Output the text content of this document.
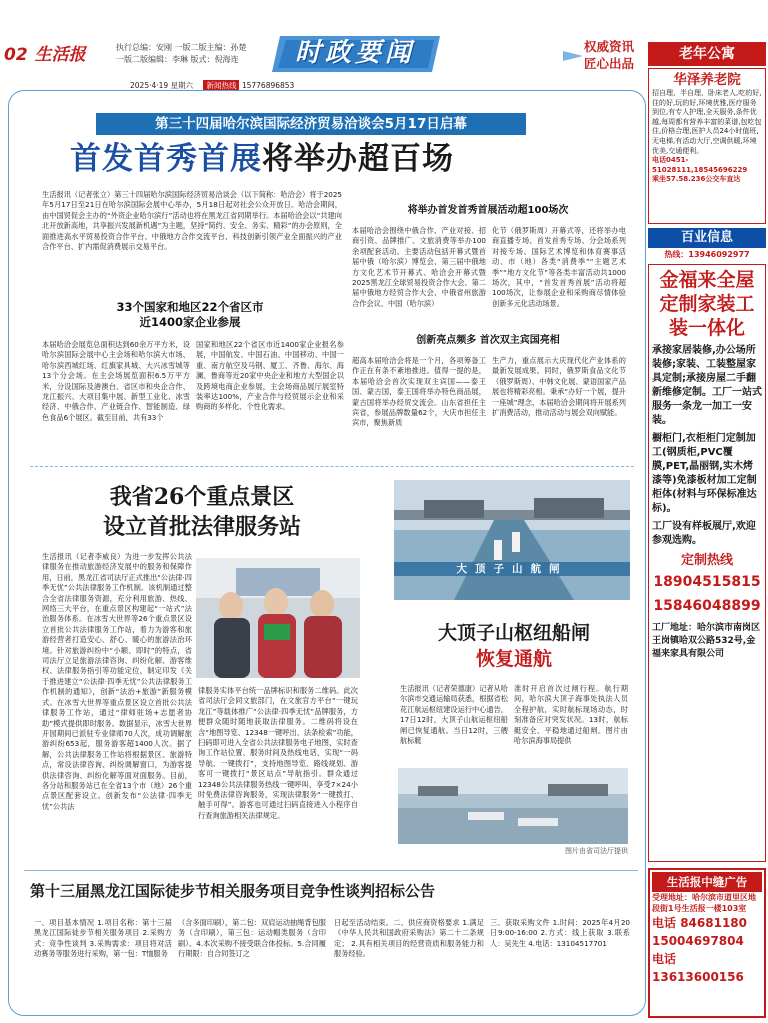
02 生活报	执行总编：安刚 一版二版主编：孙楚
一版二版编辑：李琳 版式：倪海连	时政要闻	权威资讯
匠心出品
2025·4·19 星期六 新闻热线 15776896853
第三十四届哈尔滨国际经济贸易洽谈会5月17日启幕
首发首秀首展将举办超百场
生活报讯（记者张立）第三十四届哈尔滨国际经济贸易洽谈会（以下简称：哈洽会）将于2025年5月17日至21日在哈尔滨国际会展中心举办，5月18日起对社会公众开放日。哈洽会期间，由中国贸促会主办的“外资企业哈尔滨行”活动也将在黑龙江省同期举行。本届哈洽会以“共建向北开放新高地，共享振兴发展新机遇”为主题，坚持“简约、安全、务实、精彩”的办会原则，全面推进高水平贸易投资合作平台、中俄地方合作交流平台、科技创新引领产业全面振兴的产业合作平台、扩内需促消费展示交易平台。
33个国家和地区22个省区市
近1400家企业参展
本届哈洽会展览总面积达到60余万平方米，设哈尔滨国际会展中心主会场和哈尔滨大市场、哈尔滨西城红场、红旗家具城、大兴冰雪城等13个分会场。在主会场展览面积6.5万平方米，分设国际及港澳台、省区市和央企合作、龙江振兴、大项目集中展、新型工业化、冰雪经济、中俄合作、产业链合作、智能制造、绿色食品6个展区。截至目前，共有33个
国家和地区22个省区市近1400家企业报名参展，中国航发、中国石油、中国移动、中国一重、南方航空及马钢、厦工、齐鲁、海尔、海澜、鲁商等近20家中央企业和地方大型国企以及跨境电商企业参展，主会场商品展厅展室特装率达100%，产业合作与经贸展示企业和采购商的多样化、个性化需求。
将举办首发首秀首展活动超100场次
本届哈洽会围绕中俄合作、产业对接、招商引资、品牌推广、文旅消费等举办100余项配套活动。主要活动包括开幕式暨首届中俄（哈尔滨）博览会、第三届中俄地方文化艺术节开幕式、哈洽会开幕式暨2025黑龙江全球贸易投资合作大会、第二届中俄地方经贸合作大会、中俄省州旅游合作会议、中国（哈尔滨）
化节（俄罗斯周）开幕式等，还将举办电商直播专场、首发首秀专场、分会场系列对接专场、国际艺术博览和体育赛事活动、市（地）各类“消费季”“主题艺术季”“地方文化节”等各类丰富活动共1000场次，其中，“首发首秀首展”活动将超100场次，让参展企业和采购商尽情体验创新多元化活动场景。
创新亮点频多 首次双主宾国亮相
超高本届哈洽会将是一个月，各项筹备工作正在有条不紊地推进。值得一提的是，本届哈洽会首次实现双主宾国——泰王国、蒙古国，泰王国将举办特色商品展，蒙古国将举办经贸交流会。山东省担任主宾省，参展品牌数量62个，大庆市担任主宾市，聚焦新质
生产力，重点展示大庆现代化产业体系的最新发展成果。同时，俄罗斯食品文化节（俄罗斯周）、中韩文化展、蒙语国家产品展也将精彩亮相。秉承“办好一个展，提升一座城”理念，本届哈洽会期间将开展系列扩消费活动，推动活动与展会双向赋能。
我省26个重点景区
设立首批法律服务站
生活报讯（记者李威良）为进一步发挥公共法律服务在推动旅游经济发展中的服务和保障作用，日前，黑龙江省司法厅正式推出“公法律·四季无忧”公共法律服务工作机制。该机制通过整合全省法律服务资源，充分利用旅游、热线、网络三大平台，在重点景区构建起“一站式”法治服务体系。在冰雪大世界等26个重点景区设立首批公共法律服务工作站，着力为游客和旅游经营者打造安心、舒心、暖心的旅游法治环境。针对旅游纠纷中“小额、即时”的特点，省司法厅立足旅游法律咨询、纠纷化解、游客维权、法律服务指引等功能定位，制定印发《关于推进建立“公法律·四季无忧”公共法律服务工作机制的通知》，创新“法治+旅游”新服务模式。在冰雪大世界等重点景区设立首批公共法律服务工作站，通过“律师驻场+志愿者协助”模式提供即时服务。数据显示，冰雪大世界开园期间已派驻专业律师70人次，成功调解旅游纠纷653起，服务游客超1400人次。据了解，公共法律服务工作站将根据景区、旅游特点，常设法律咨询、纠纷调解窗口，为游客提供法律咨询、纠纷化解等面对面服务。目前，各分站和服务站已在全省13个市（地）26个重点景区配套设立。创新发布“公法律·四季无忧”公共法
律服务实体平台统一品牌标识和服务二维码。此次省司法厅会同文旅部门，在文旅官方平台“一键玩龙江”等载体推广“公法律·四季无忧”品牌服务，方便群众随时随地获取法律服务。二维码将设在含“地图导览、12348一键呼出、法条检索”功能，扫码即可进入全省公共法律服务电子地图，实时查询工作站位置、服务时间及热线电话，实现“一码导航、一键拨打”，支持地图导览、路线规划、游客可一键拨打“景区站点”导航指引。群众通过12348公共法律服务热线一键呼叫，享受7×24小时免费法律咨询服务，实现法律服务“一键拨打、触手可得”。游客也可通过扫码直接进入小程序自行查询旅游相关法律规定。
大顶子山航闸
大顶子山枢纽船闸
恢复通航
生活报讯（记者荣德康）记者从哈尔滨市交通运输局获悉，根据省松花江航运枢纽建设运行中心通告，17日12时，大顶子山航运枢纽船闸已恢复通航。当日12时，三艘航标艇
准时开启首次过闸行程。航行期间，哈尔滨大顶子海事处执法人员全程护航，实时航标现场动态，时刻准备应对突发状况。13时，航标艇安全、平稳地通过船闸。图片由哈尔滨海事局提供
图片由省司法厅提供
第十三届黑龙江国际徒步节相关服务项目竞争性谈判招标公告
一、项目基本情况 1.项目名称：第十三届黑龙江国际徒步节相关服务项目 2.采购方式：竞争性谈判 3.采购需求：项目将对活动赛务等服务进行采购，第一包：T恤服务
（含多面印刷），第二包：双肩运动抽绳背包服务（含印刷），第三包：运动帽类服务（含印刷）。4.本次采购不接受联合体投标。5.合同履行期限：自合同签订之
日起至活动结束。二、供应商资格要求 1.满足《中华人民共和国政府采购法》第二十二条规定； 2.具有相关项目的经营资质和服务能力和服务经验。
三、获取采购文件 1.时间：2025年4月20日9:00-16:00 2.方式：线上获取 3.联系人：吴先生 4.电话：13104517701
老年公寓
华泽养老院
招自理、半自理、卧床老人,吃的好,住的好,玩的好,环境优雅,医疗服务到位,有专人护理,全天服务,条件优越,每周都有营养丰富的菜谱,包吃包住,价格合理,医护人员24小时值班,无电梯,有活动大厅,空调供暖,环境优美,交通便利。
电话0451-51028111,18545696229
乘坐57.58.236公交车直达
百业信息
热线：13946092977
金福来全屋定制家装工装一体化
承接家居装修,办公场所装修;家装、工装整屋家具定制;承接房屋二手翻新维修定制。工厂一站式服务一条龙一加工一安装。
橱柜门,衣柜柜门定制加工(钢质柜,PVC覆膜,PET,晶丽钢,实木烤漆等)免漆板材加工定制柜体(材料与环保标准达标)。
工厂设有样板展厅,欢迎参观选购。
定制热线
18904515815
15846048899
工厂地址：哈尔滨市南岗区王岗镇哈双公路532号,金福来家具有限公司
生活报中缝广告
受理地址：哈尔滨市道里区地段街1号生活报一楼103室
电话 84681180
15004697804
电话 13613600156
